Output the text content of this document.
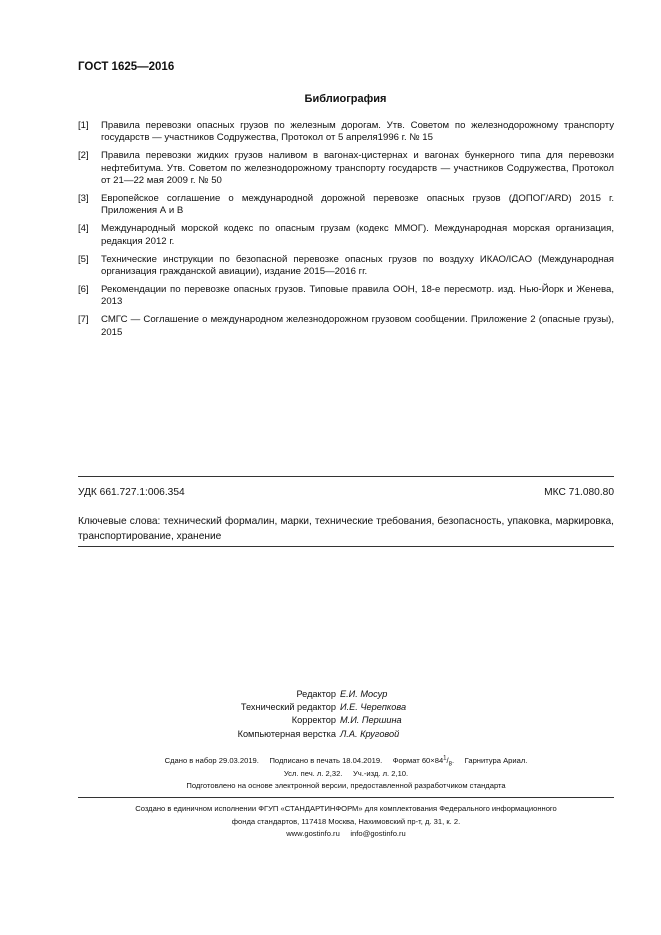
ГОСТ 1625—2016
Библиография
[1]	Правила перевозки опасных грузов по железным дорогам. Утв. Советом по железнодорожному транспорту государств — участников Содружества, Протокол от 5 апреля1996 г. № 15
[2]	Правила перевозки жидких грузов наливом в вагонах-цистернах и вагонах бункерного типа для перевозки нефтебитума. Утв. Советом по железнодорожному транспорту государств — участников Содружества, Протокол от 21—22 мая 2009 г. № 50
[3]	Европейское соглашение о международной дорожной перевозке опасных грузов (ДОПОГ/ARD) 2015 г. Приложения А и В
[4]	Международный морской кодекс по опасным грузам (кодекс ММОГ). Международная морская организация, редакция 2012 г.
[5]	Технические инструкции по безопасной перевозке опасных грузов по воздуху ИКАО/ICAO (Международная организация гражданской авиации), издание 2015—2016 гг.
[6]	Рекомендации по перевозке опасных грузов. Типовые правила ООН, 18-е пересмотр. изд. Нью-Йорк и Женева, 2013
[7]	СМГС — Соглашение о международном железнодорожном грузовом сообщении. Приложение 2 (опасные грузы), 2015
УДК 661.727.1:006.354	МКС 71.080.80
Ключевые слова: технический формалин, марки, технические требования, безопасность, упаковка, маркировка, транспортирование, хранение
Редактор Е.И. Мосур
Технический редактор И.Е. Черепкова
Корректор М.И. Першина
Компьютерная верстка Л.А. Круговой
Сдано в набор 29.03.2019. Подписано в печать 18.04.2019. Формат $60\times 84^1/_8$. Гарнитура Ариал.
Усл. печ. л. 2,32. Уч.-изд. л. 2,10.
Подготовлено на основе электронной версии, предоставленной разработчиком стандарта
Создано в единичном исполнении ФГУП «СТАНДАРТИНФОРМ» для комплектования Федерального информационного
фонда стандартов, 117418 Москва, Нахимовский пр-т, д. 31, к. 2.
www.gostinfo.ru info@gostinfo.ru
